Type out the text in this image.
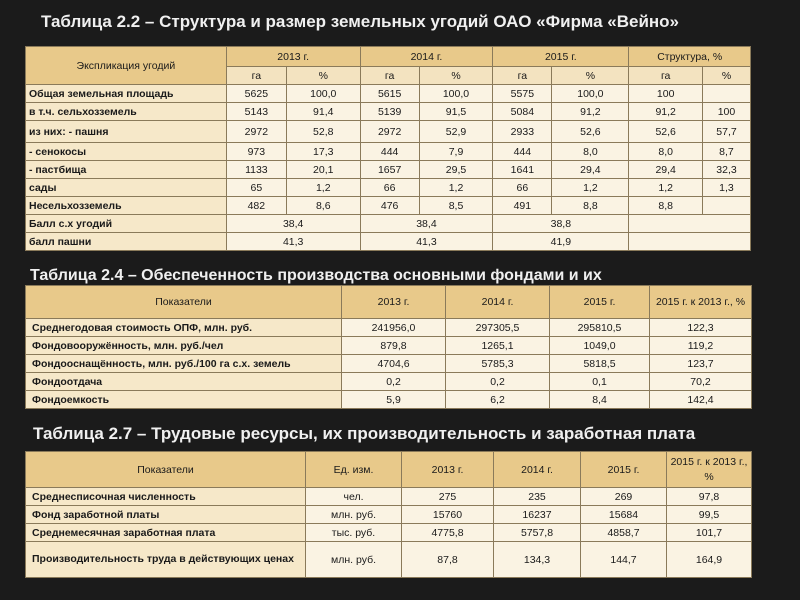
Таблица 2.2 – Структура и размер земельных угодий ОАО «Фирма «Вейно»
Экспликация угодий	2013 г.		2014 г.		2015 г.		Структура, %	
	га	%	га	%	га	%	га	%
Общая земельная площадь	5625	100,0	5615	100,0	5575	100,0	100	
в т.ч. сельхозземель	5143	91,4	5139	91,5	5084	91,2	91,2	100
из них: - пашня	2972	52,8	2972	52,9	2933	52,6	52,6	57,7
- сенокосы	973	17,3	444	7,9	444	8,0	8,0	8,7
- пастбища	1133	20,1	1657	29,5	1641	29,4	29,4	32,3
сады	65	1,2	66	1,2	66	1,2	1,2	1,3
Несельхозземель	482	8,6	476	8,5	491	8,8	8,8	
Балл с.х угодий	38,4		38,4		38,8			
балл пашни	41,3		41,3		41,9			
Таблица 2.4 – Обеспеченность производства основными фондами и их
Показатели	2013 г.	2014 г.	2015 г.	2015 г. к 2013 г., %
Среднегодовая стоимость ОПФ, млн. руб.	241956,0	297305,5	295810,5	122,3
Фондовооружённость, млн. руб./чел	879,8	1265,1	1049,0	119,2
Фондооснащённость, млн. руб./100 га с.х. земель	4704,6	5785,3	5818,5	123,7
Фондоотдача	0,2	0,2	0,1	70,2
Фондоемкость	5,9	6,2	8,4	142,4
Таблица 2.7 – Трудовые ресурсы, их производительность и заработная плата
Показатели	Ед. изм.	2013 г.	2014 г.	2015 г.	2015 г. к 2013 г., %
Среднесписочная численность	чел.	275	235	269	97,8
Фонд заработной платы	млн. руб.	15760	16237	15684	99,5
Среднемесячная заработная плата	тыс. руб.	4775,8	5757,8	4858,7	101,7
Производительность труда в действующих ценах	млн. руб.	87,8	134,3	144,7	164,9
